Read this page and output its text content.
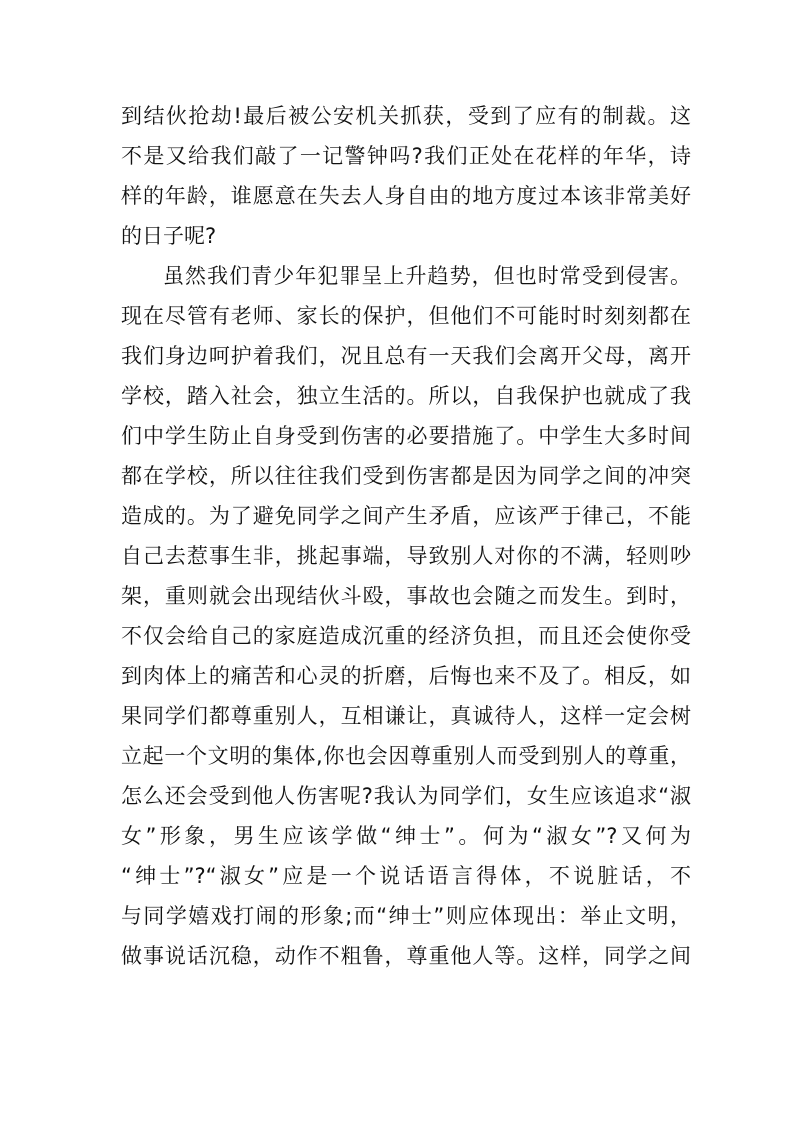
到结伙抢劫!最后被公安机关抓获，受到了应有的制裁。这
不是又给我们敲了一记警钟吗?我们正处在花样的年华，诗
样的年龄，谁愿意在失去人身自由的地方度过本该非常美好
的日子呢?
虽然我们青少年犯罪呈上升趋势，但也时常受到侵害。
现在尽管有老师、家长的保护，但他们不可能时时刻刻都在
我们身边呵护着我们，况且总有一天我们会离开父母，离开
学校，踏入社会，独立生活的。所以，自我保护也就成了我
们中学生防止自身受到伤害的必要措施了。中学生大多时间
都在学校，所以往往我们受到伤害都是因为同学之间的冲突
造成的。为了避免同学之间产生矛盾，应该严于律己，不能
自己去惹事生非，挑起事端，导致别人对你的不满，轻则吵
架，重则就会出现结伙斗殴，事故也会随之而发生。到时，
不仅会给自己的家庭造成沉重的经济负担，而且还会使你受
到肉体上的痛苦和心灵的折磨，后悔也来不及了。相反，如
果同学们都尊重别人，互相谦让，真诚待人，这样一定会树
立起一个文明的集体,你也会因尊重别人而受到别人的尊重，
怎么还会受到他人伤害呢?我认为同学们，女生应该追求“淑
女”形象，男生应该学做“绅士”。何为“淑女”?又何为
“绅士”?“淑女”应是一个说话语言得体，不说脏话，不
与同学嬉戏打闹的形象;而“绅士”则应体现出：举止文明，
做事说话沉稳，动作不粗鲁，尊重他人等。这样，同学之间
